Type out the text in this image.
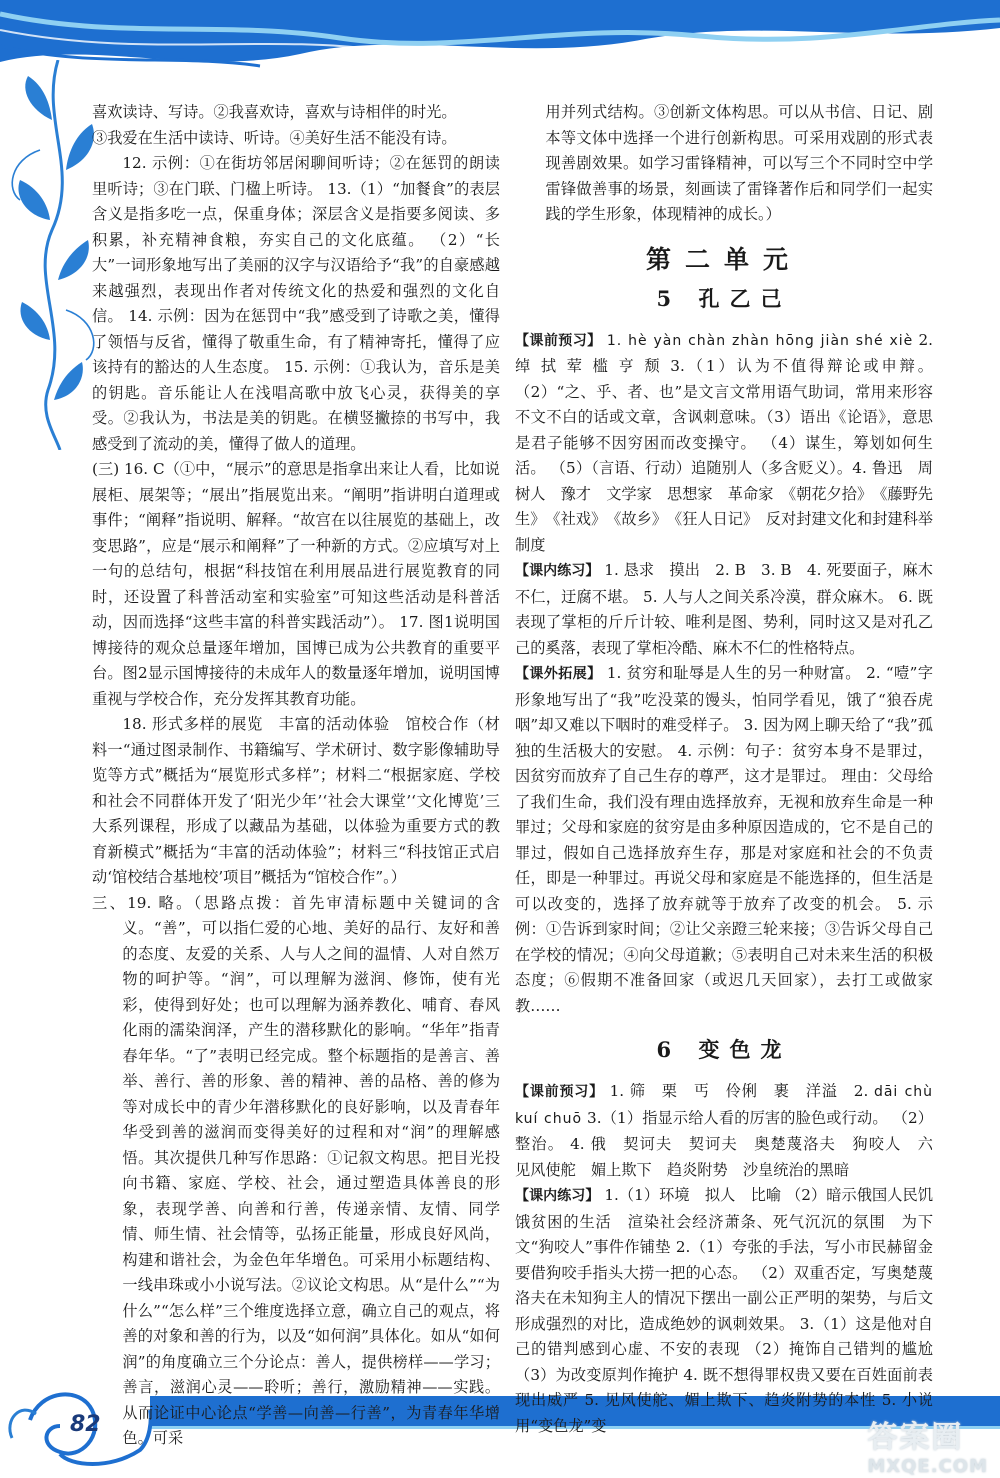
82	答案圈
MXQE.COM

喜欢读诗、写诗。②我喜欢诗，喜欢与诗相伴的时光。

③我爱在生活中读诗、听诗。④美好生活不能没有诗。

12. 示例：①在街坊邻居闲聊间听诗；②在惩罚的朗读里听诗；③在门联、门楹上听诗。 13.（1）“加餐食”的表层含义是指多吃一点，保重身体；深层含义是指要多阅读、多积累，补充精神食粮，夯实自己的文化底蕴。 （2）“长大”一词形象地写出了美丽的汉字与汉语给予“我”的自豪感越来越强烈，表现出作者对传统文化的热爱和强烈的文化自信。 14. 示例：因为在惩罚中“我”感受到了诗歌之美，懂得了领悟与反省，懂得了敬重生命，有了精神寄托，懂得了应该持有的豁达的人生态度。 15. 示例：①我认为，音乐是美的钥匙。音乐能让人在浅唱高歌中放飞心灵，获得美的享受。②我认为，书法是美的钥匙。在横竖撇捺的书写中，我感受到了流动的美，懂得了做人的道理。

(三) 16. C（①中，“展示”的意思是指拿出来让人看，比如说展柜、展架等；“展出”指展览出来。“阐明”指讲明白道理或事件；“阐释”指说明、解释。“故宫在以往展览的基础上，改变思路”，应是“展示和阐释”了一种新的方式。②应填写对上一句的总结句，根据“科技馆在利用展品进行展览教育的同时，还设置了科普活动室和实验室”可知这些活动是科普活动，因而选择“这些丰富的科普实践活动”）。 17. 图1说明国博接待的观众总量逐年增加，国博已成为公共教育的重要平台。图2显示国博接待的未成年人的数量逐年增加，说明国博重视与学校合作，充分发挥其教育功能。

18. 形式多样的展览　丰富的活动体验　馆校合作（材料一“通过图录制作、书籍编写、学术研讨、数字影像辅助导览等方式”概括为“展览形式多样”；材料二“根据家庭、学校和社会不同群体开发了‘阳光少年’‘社会大课堂’‘文化博览’三大系列课程，形成了以藏品为基础，以体验为重要方式的教育新模式”概括为“丰富的活动体验”；材料三“科技馆正式启动‘馆校结合基地校’项目”概括为“馆校合作”。）

三、19. 略。（思路点拨：首先审清标题中关键词的含义。“善”，可以指仁爱的心地、美好的品行、友好和善的态度、友爱的关系、人与人之间的温情、人对自然万物的呵护等。“润”，可以理解为滋润、修饰，使有光彩，使得到好处；也可以理解为涵养教化、哺育、春风化雨的濡染润泽，产生的潜移默化的影响。“华年”指青春年华。“了”表明已经完成。整个标题指的是善言、善举、善行、善的形象、善的精神、善的品格、善的修为等对成长中的青少年潜移默化的良好影响，以及青春年华受到善的滋润而变得美好的过程和对“润”的理解感悟。其次提供几种写作思路：①记叙文构思。把目光投向书籍、家庭、学校、社会，通过塑造具体善良的形象，表现学善、向善和行善，传递亲情、友情、同学情、师生情、社会情等，弘扬正能量，形成良好风尚，构建和谐社会，为金色年华增色。可采用小标题结构、一线串珠或小小说写法。②议论文构思。从“是什么”“为什么”“怎么样”三个维度选择立意，确立自己的观点，将善的对象和善的行为，以及“如何润”具体化。如从“如何润”的角度确立三个分论点：善人，提供榜样——学习；善言，滋润心灵——聆听；善行，激励精神——实践。从而论证中心论点“学善—向善—行善”，为青春年华增色。可采

用并列式结构。③创新文体构思。可以从书信、日记、剧本等文体中选择一个进行创新构思。可采用戏剧的形式表现善剧效果。如学习雷锋精神，可以写三个不同时空中学雷锋做善事的场景，刻画读了雷锋著作后和同学们一起实践的学生形象，体现精神的成长。）

第二单元
5 孔乙己

【课前预习】 1. hè yàn chàn zhàn hōng jiàn shé xiè 2. 绰 拭 荤 槛 亨 颓 3.（1）认为不值得辩论或申辩。 （2）“之、乎、者、也”是文言文常用语气助词，常用来形容不文不白的话或文章，含讽刺意味。（3）语出《论语》，意思是君子能够不因穷困而改变操守。 （4）谋生，筹划如何生活。 （5）（言语、行动）追随别人（多含贬义）。4. 鲁迅　周树人　豫才　文学家　思想家　革命家　《朝花夕拾》　《藤野先生》　《社戏》　《故乡》　《狂人日记》　反对封建文化和封建科举制度

【课内练习】 1. 恳求　摸出　2. B　3. B　4. 死要面子，麻木不仁，迂腐不堪。 5. 人与人之间关系冷漠，群众麻木。 6. 既表现了掌柜的斤斤计较、唯利是图、势利，同时这又是对孔乙己的奚落，表现了掌柜冷酷、麻木不仁的性格特点。

【课外拓展】 1. 贫穷和耻辱是人生的另一种财富。 2. “噎”字形象地写出了“我”吃没菜的馒头，怕同学看见，饿了“狼吞虎咽”却又难以下咽时的难受样子。 3. 因为网上聊天给了“我”孤独的生活极大的安慰。 4. 示例：句子：贫穷本身不是罪过，因贫穷而放弃了自己生存的尊严，这才是罪过。 理由：父母给了我们生命，我们没有理由选择放弃，无视和放弃生命是一种罪过；父母和家庭的贫穷是由多种原因造成的，它不是自己的罪过，假如自己选择放弃生存，那是对家庭和社会的不负责任，即是一种罪过。再说父母和家庭是不能选择的，但生活是可以改变的，选择了放弃就等于放弃了改变的机会。 5. 示例：①告诉到家时间；②让父亲蹬三轮来接；③告诉父母自己在学校的情况；④向父母道歉；⑤表明自己对未来生活的积极态度；⑥假期不准备回家（或迟几天回家），去打工或做家教……

6 变色龙

【课前预习】 1. 筛　栗　丐　伶俐　裹　洋溢　2. dāi chù kuí chuō 3.（1）指显示给人看的厉害的脸色或行动。 （2）整治。 4. 俄　契诃夫　契诃夫　奥楚蔑洛夫　狗咬人　六　见风使舵　媚上欺下　趋炎附势　沙皇统治的黑暗

【课内练习】 1.（1）环境　拟人　比喻 （2）暗示俄国人民饥饿贫困的生活　渲染社会经济萧条、死气沉沉的氛围　为下文“狗咬人”事件作铺垫 2.（1）夸张的手法，写小市民赫留金要借狗咬手指头大捞一把的心态。 （2）双重否定，写奥楚蔑洛夫在未知狗主人的情况下摆出一副公正严明的架势，与后文形成强烈的对比，造成绝妙的讽刺效果。 3.（1）这是他对自己的错判感到心虚、不安的表现 （2）掩饰自己错判的尴尬 （3）为改变原判作掩护 4. 既不想得罪权贵又要在百姓面前表现出威严 5. 见风使舵、媚上欺下、趋炎附势的本性 5. 小说用“变色龙”变
